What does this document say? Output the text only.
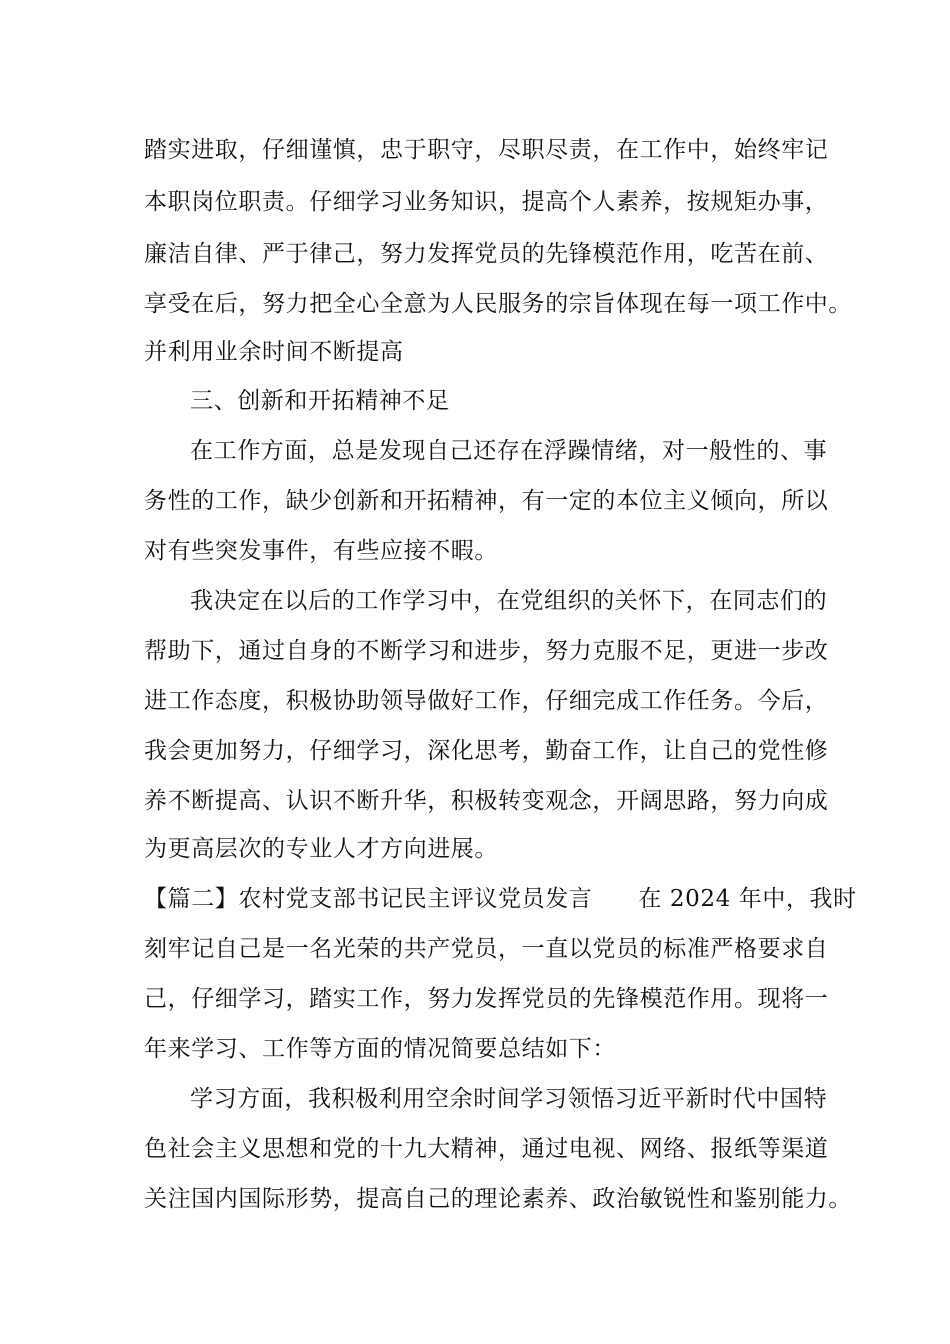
踏实进取，仔细谨慎，忠于职守，尽职尽责，在工作中，始终牢记
本职岗位职责。仔细学习业务知识，提高个人素养，按规矩办事，
廉洁自律、严于律己，努力发挥党员的先锋模范作用，吃苦在前、
享受在后，努力把全心全意为人民服务的宗旨体现在每一项工作中。
并利用业余时间不断提高
三、创新和开拓精神不足
在工作方面，总是发现自己还存在浮躁情绪，对一般性的、事
务性的工作，缺少创新和开拓精神，有一定的本位主义倾向，所以
对有些突发事件，有些应接不暇。
我决定在以后的工作学习中，在党组织的关怀下，在同志们的
帮助下，通过自身的不断学习和进步，努力克服不足，更进一步改
进工作态度，积极协助领导做好工作，仔细完成工作任务。今后，
我会更加努力，仔细学习，深化思考，勤奋工作，让自己的党性修
养不断提高、认识不断升华，积极转变观念，开阔思路，努力向成
为更高层次的专业人才方向进展。
【篇二】农村党支部书记民主评议党员发言 在 2024 年中，我时
刻牢记自己是一名光荣的共产党员，一直以党员的标准严格要求自
己，仔细学习，踏实工作，努力发挥党员的先锋模范作用。现将一
年来学习、工作等方面的情况简要总结如下：
学习方面，我积极利用空余时间学习领悟习近平新时代中国特
色社会主义思想和党的十九大精神，通过电视、网络、报纸等渠道
关注国内国际形势，提高自己的理论素养、政治敏锐性和鉴别能力。
